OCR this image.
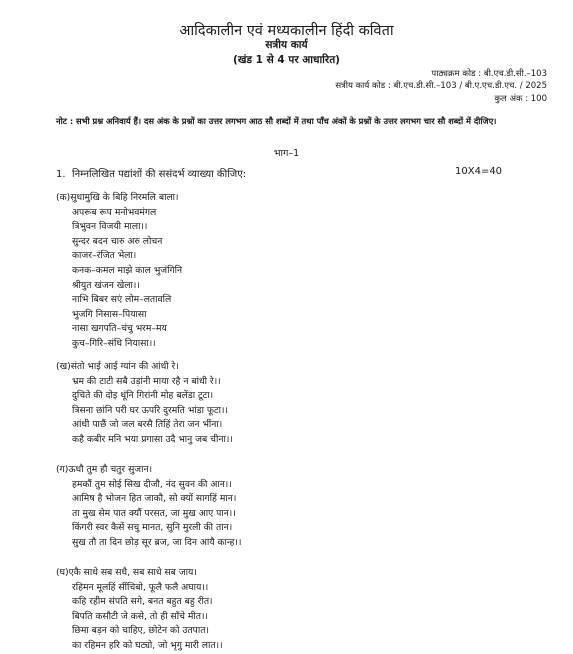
आदिकालीन एवं मध्यकालीन हिंदी कविता
सत्रीय कार्य
(खंड 1 से 4 पर आधारित)
पाठ्यक्रम कोड : बी.एच.डी.सी.–103
सत्रीय कार्य कोड : बी.एच.डी.सी.–103 / बी.ए.एच.डी.एच. / 2025
कुल अंक : 100
नोट : सभी प्रश्न अनिवार्य हैं। दस अंक के प्रश्नों का उत्तर लगभग आठ सौ शब्दों में तथा पाँच अंकों के प्रश्नों के उत्तर लगभग चार सौ शब्दों में दीजिए।
भाग–1
1. निम्नलिखित पद्यांशों की ससंदर्भ व्याख्या कीजिए:	10X4=40
(क)सुधामुखि के बिहि निरमलि बाला।
अपरूब रूप मनोभवमंगल
त्रिभुवन विजयी माला।।
सुन्दर बदन चारु अरु लोचन
काजर–रंजित भेला।
कनक–कमल माझे काल भुजंगिनि
श्रीयुत खंजन खेला।।
नाभि बिबर सएं लोम–लतावलि
भुजगि निसास–पियासा
नासा खगपति–चंचु भरम–मय
कुच–गिरि–संधि नियासा।।
(ख)संतो भाई आई ग्यांन की आंधी रे।
भ्रम की टाटी सबै उड़ांनी माया रहै न बांधी रे।।
दुचिते की दोइ थूंनि गिरांनी मोह बलेंडा टूटा।
त्रिसना छांनि परी घर ऊपरि दुरमति भांडा फूटा।।
आंधी पाछैं जो जल बरसै तिहिं तेरा जन भींना।
कहै कबीर मनि भया प्रगासा उदै भानु जब चीना।।
(ग)ऊधौ तुम हौ चतुर सुजान।
हमकौं तुम सोई सिख दीजौ, नंद सुवन की आन।।
आमिष है भोजन हित जाकौ, सो क्यों सागहिं मान।
ता मुख सेम पात क्यौं परसत, जा मुख आए पान।।
किंगरी स्वर कैसें सचु मानत, सुनि मुरली की तान।
सुख तौ ता दिन छोड़ सूर ब्रज, जा दिन आयै कान्ह।।
(घ)एकै साधे सब सधै, सब साधे सब जाय।
रहिमन मूलहिं सींचिबो, फूलै फलै अघाय।।
कहि रहीम संपति सगे, बनत बहुत बहु रीत।
बिपति कसौटी जे कसे, तो ही साँचे मीत।।
छिमा बड़न को चाहिए, छोटेन को उतपात।
का रहिमन हरि को घट्यो, जो भृगु मारी लात।।
